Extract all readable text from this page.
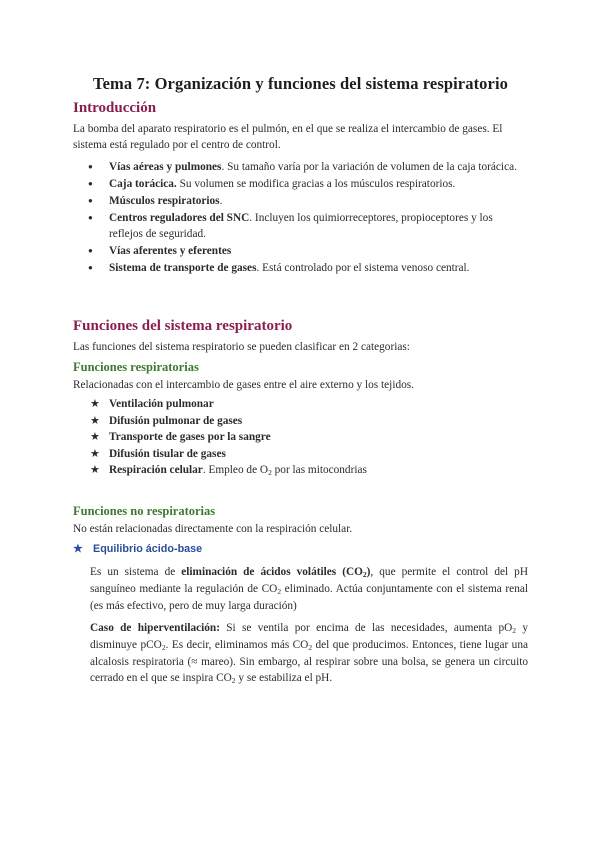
Tema 7: Organización y funciones del sistema respiratorio
Introducción

La bomba del aparato respiratorio es el pulmón, en el que se realiza el intercambio de gases. El sistema está regulado por el centro de control.

● Vías aéreas y pulmones. Su tamaño varía por la variación de volumen de la caja torácica.
● Caja torácica. Su volumen se modifica gracias a los músculos respiratorios.
● Músculos respiratorios.
● Centros reguladores del SNC. Incluyen los quimiorreceptores, propioceptores y los reflejos de seguridad.
● Vías aferentes y eferentes
● Sistema de transporte de gases. Está controlado por el sistema venoso central.
Funciones del sistema respiratorio

Las funciones del sistema respiratorio se pueden clasificar en 2 categorias:

Funciones respiratorias

Relacionadas con el intercambio de gases entre el aire externo y los tejidos.

★ Ventilación pulmonar
★ Difusión pulmonar de gases
★ Transporte de gases por la sangre
★ Difusión tisular de gases
★ Respiración celular. Empleo de $O_2$ por las mitocondrias
Funciones no respiratorias

No están relacionadas directamente con la respiración celular.

★ Equilibrio ácido-base

Es un sistema de eliminación de ácidos volátiles $(CO_2)$, que permite el control del pH sanguíneo mediante la regulación de $CO_2$ eliminado. Actúa conjuntamente con el sistema renal (es más efectivo, pero de muy larga duración)

Caso de hiperventilación: Si se ventila por encima de las necesidades, aumenta $pO_2$ y disminuye pCO$_2$. Es decir, eliminamos más $CO_2$ del que producimos. Entonces, tiene lugar una alcalosis respiratoria (≈ mareo). Sin embargo, al respirar sobre una bolsa, se genera un circuito cerrado en el que se inspira $CO_2$ y se estabiliza el pH.
